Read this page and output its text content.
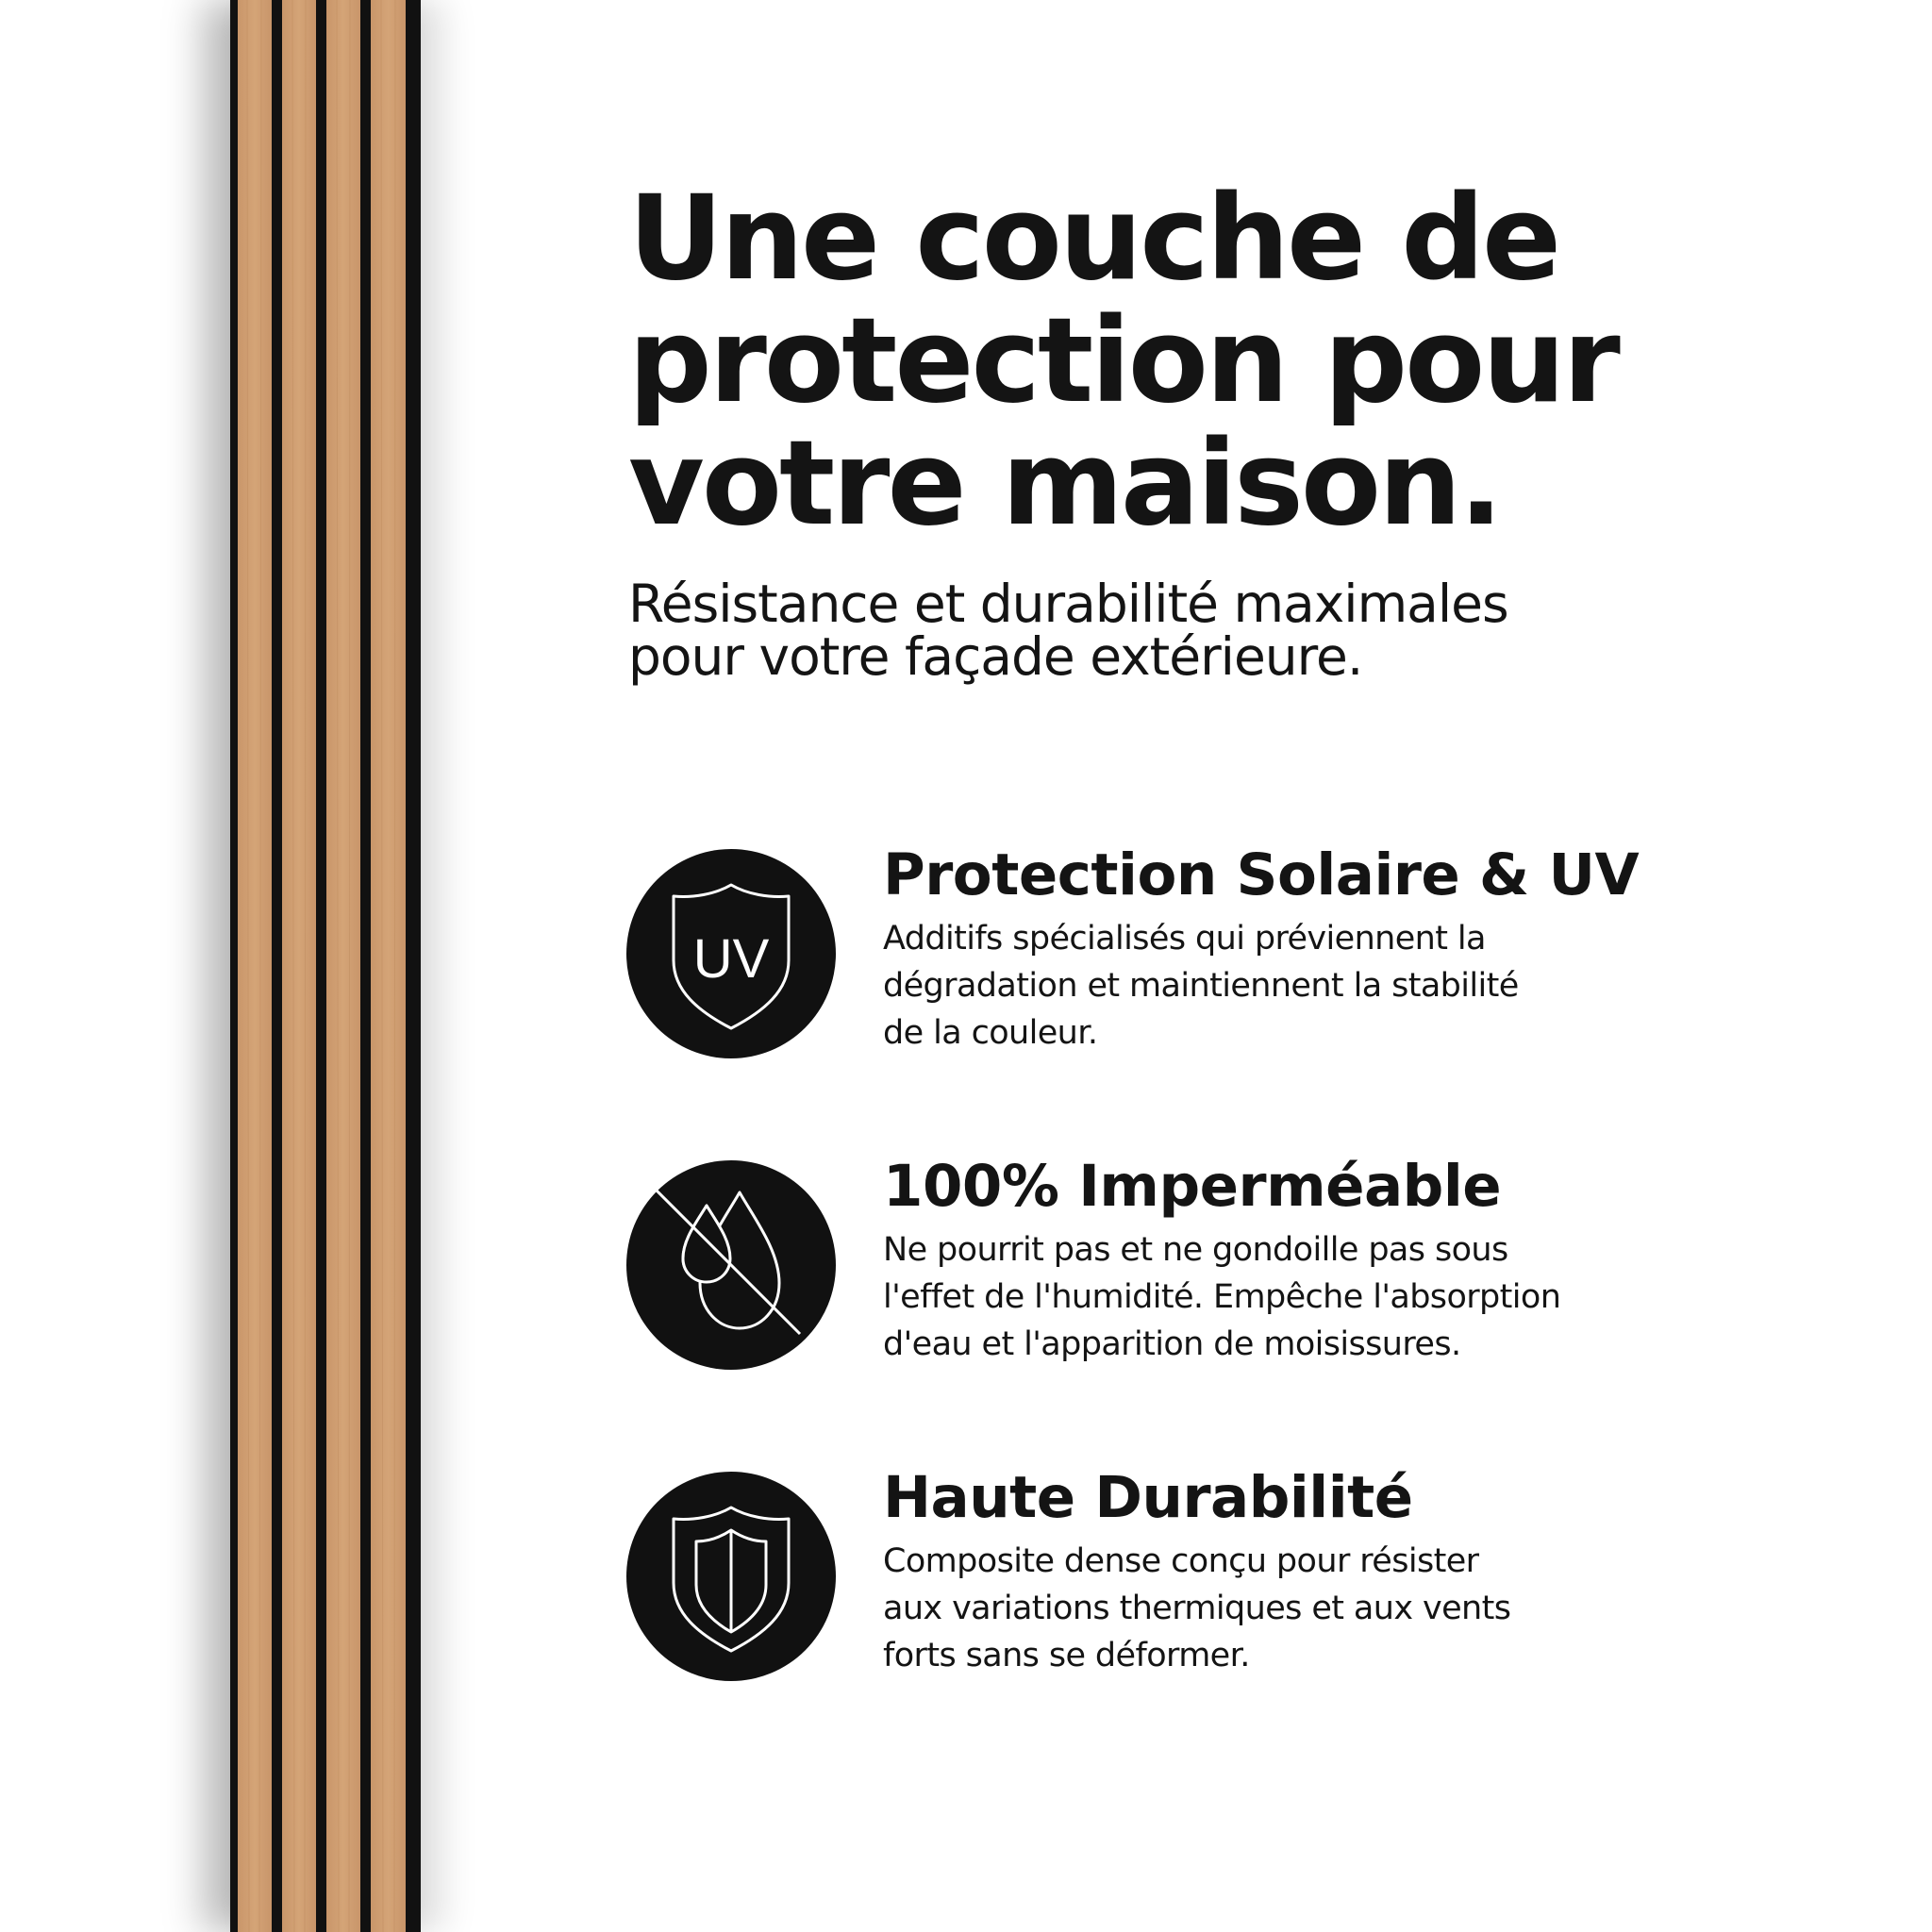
Une couche de
protection pour
votre maison.

Résistance et durabilité maximales
pour votre façade extérieure.

UV
Protection Solaire & UV

Additifs spécialisés qui préviennent la
dégradation et maintiennent la stabilité
de la couleur.

100% Imperméable

Ne pourrit pas et ne gondoille pas sous
l'effet de l'humidité. Empêche l'absorption
d'eau et l'apparition de moisissures.

Haute Durabilité

Composite dense conçu pour résister
aux variations thermiques et aux vents
forts sans se déformer.
